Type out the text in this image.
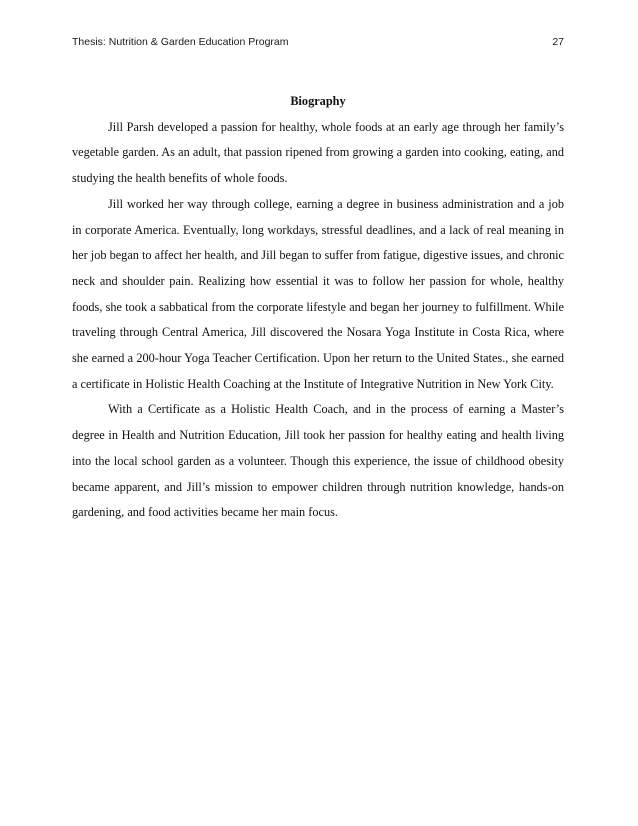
Thesis: Nutrition & Garden Education Program	27

Biography

Jill Parsh developed a passion for healthy, whole foods at an early age through her family’s vegetable garden. As an adult, that passion ripened from growing a garden into cooking, eating, and studying the health benefits of whole foods.

Jill worked her way through college, earning a degree in business administration and a job in corporate America. Eventually, long workdays, stressful deadlines, and a lack of real meaning in her job began to affect her health, and Jill began to suffer from fatigue, digestive issues, and chronic neck and shoulder pain. Realizing how essential it was to follow her passion for whole, healthy foods, she took a sabbatical from the corporate lifestyle and began her journey to fulfillment. While traveling through Central America, Jill discovered the Nosara Yoga Institute in Costa Rica, where she earned a 200-hour Yoga Teacher Certification. Upon her return to the United States., she earned a certificate in Holistic Health Coaching at the Institute of Integrative Nutrition in New York City.

With a Certificate as a Holistic Health Coach, and in the process of earning a Master’s degree in Health and Nutrition Education, Jill took her passion for healthy eating and health living into the local school garden as a volunteer. Though this experience, the issue of childhood obesity became apparent, and Jill’s mission to empower children through nutrition knowledge, hands-on gardening, and food activities became her main focus.
